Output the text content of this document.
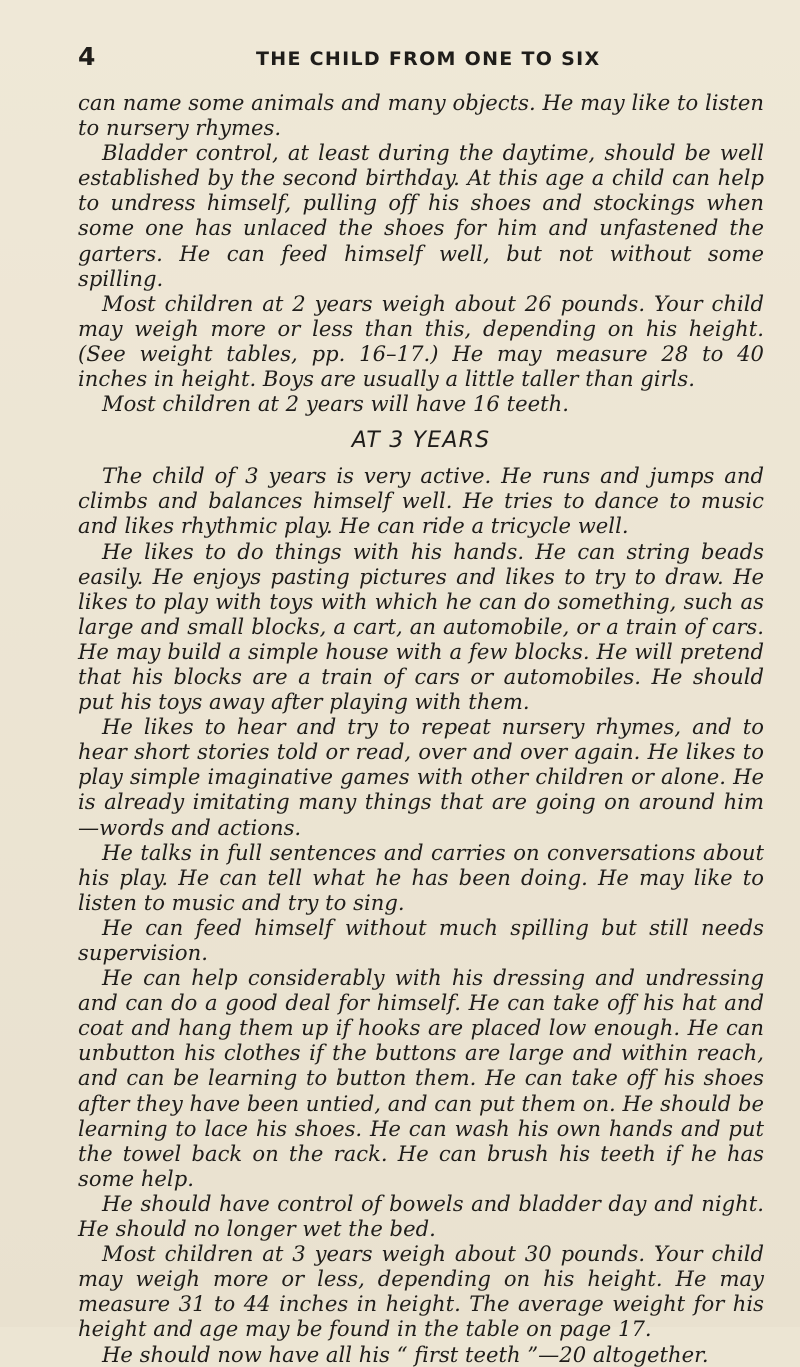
4	THE CHILD FROM ONE TO SIX

can name some animals and many objects. He may like to listen to nursery rhymes.

Bladder control, at least during the daytime, should be well established by the second birthday. At this age a child can help to undress himself, pulling off his shoes and stockings when some one has unlaced the shoes for him and unfastened the garters. He can feed himself well, but not without some spilling.

Most children at 2 years weigh about 26 pounds. Your child may weigh more or less than this, depending on his height. (See weight tables, pp. 16–17.) He may measure 28 to 40 inches in height. Boys are usually a little taller than girls.

Most children at 2 years will have 16 teeth.

AT 3 YEARS

The child of 3 years is very active. He runs and jumps and climbs and balances himself well. He tries to dance to music and likes rhythmic play. He can ride a tricycle well.

He likes to do things with his hands. He can string beads easily. He enjoys pasting pictures and likes to try to draw. He likes to play with toys with which he can do something, such as large and small blocks, a cart, an automobile, or a train of cars. He may build a simple house with a few blocks. He will pretend that his blocks are a train of cars or automobiles. He should put his toys away after playing with them.

He likes to hear and try to repeat nursery rhymes, and to hear short stories told or read, over and over again. He likes to play simple imaginative games with other children or alone. He is already imitating many things that are going on around him—words and actions.

He talks in full sentences and carries on conversations about his play. He can tell what he has been doing. He may like to listen to music and try to sing.

He can feed himself without much spilling but still needs supervision.

He can help considerably with his dressing and undressing and can do a good deal for himself. He can take off his hat and coat and hang them up if hooks are placed low enough. He can unbutton his clothes if the buttons are large and within reach, and can be learning to button them. He can take off his shoes after they have been untied, and can put them on. He should be learning to lace his shoes. He can wash his own hands and put the towel back on the rack. He can brush his teeth if he has some help.

He should have control of bowels and bladder day and night. He should no longer wet the bed.

Most children at 3 years weigh about 30 pounds. Your child may weigh more or less, depending on his height. He may measure 31 to 44 inches in height. The average weight for his height and age may be found in the table on page 17.

He should now have all his “ first teeth ”—20 altogether.
